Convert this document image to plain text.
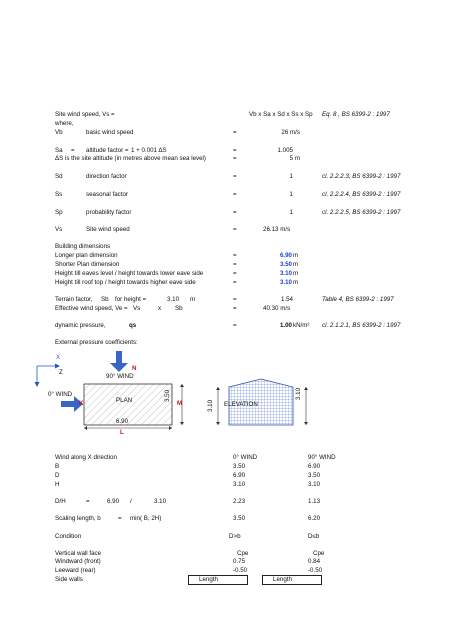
Site wind speed, Vs =	Vb x Sa x Sd x Ss x Sp Eq. 8 , BS 6399-2 : 1997
where,
Vb	basic wind speed	=	26 m/s
Sa = altitude factor = 1 + 0.001 ΔS	=	1.005
ΔS is the site altitude (in metres above mean sea level)	=	5 m
Sd	direction factor	=	1	cl. 2.2.2.3, BS 6399-2 : 1997
Ss	seasonal factor	=	1	cl. 2.2.2.4, BS 6399-2 : 1997
Sp	probability factor	=	1	cl. 2.2.2.5, BS 6399-2 : 1997
Vs	Site wind speed	=	26.13 m/s
Building dimensions
Longer plan dimension	=	6.90 m
Shorter Plan dimension	=	3.50 m
Height till eaves level / height towards lower eave side	=	3.10 m
Height till roof top / height towards higher eave side	=	3.10 m
Terrain factor, Sb for height =	3.10 m	=	1.54	Table 4, BS 6399-2 : 1997
Effective wind speed, Ve = Vs	x Sb	=	40.30 m/s
dynamic pressure,	qs	=	1.00 kN/m² cl. 2.1.2.1, BS 6399-2 : 1997
External pressure coefficients:
X
Z
N
90° WIND
0° WIND
K	PLAN	M
3.50
6.90
L
3.10 ELEVATION
3.10
Wind along X direction	0° WIND	90° WIND
B	3.50	6.90
D	6.90	3.50
H	3.10	3.10
D/H	=	6.90 /	3.10	2.23	1.13
Scaling length, b	= min( B, 2H)	3.50	6.20
Condition	D>b	D≤b
Vertical wall face	Cpe	Cpe
Windward (front)	0.75	0.84
Leeward (rear)	-0.50	-0.50
Side walls	Length	Length
